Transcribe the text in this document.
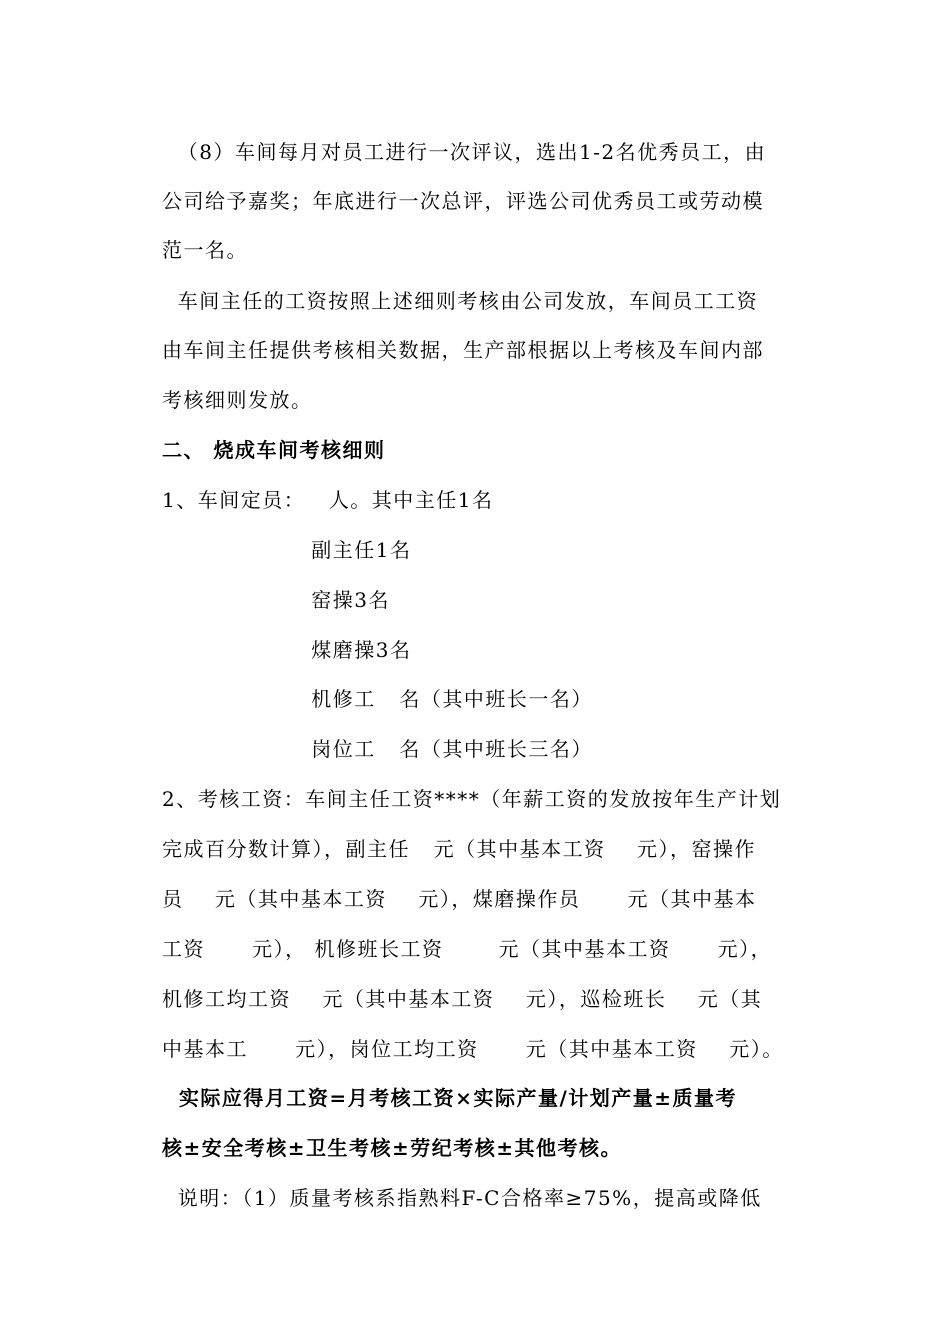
（8）车间每月对员工进行一次评议，选出1-2名优秀员工，由
公司给予嘉奖；年底进行一次总评，评选公司优秀员工或劳动模
范一名。
车间主任的工资按照上述细则考核由公司发放，车间员工工资
由车间主任提供考核相关数据，生产部根据以上考核及车间内部
考核细则发放。
二、 烧成车间考核细则
1、车间定员：   人。其中主任1名
副主任1名
窑操3名
煤磨操3名
机修工   名（其中班长一名）
岗位工   名（其中班长三名）
2、考核工资：车间主任工资****（年薪工资的发放按年生产计划
完成百分数计算），副主任   元（其中基本工资    元），窑操作
员    元（其中基本工资    元），煤磨操作员      元（其中基本
工资      元）， 机修班长工资       元（其中基本工资      元），
机修工均工资    元（其中基本工资    元），巡检班长    元（其
中基本工      元），岗位工均工资      元（其中基本工资    元）。
实际应得月工资=月考核工资×实际产量/计划产量±质量考
核±安全考核±卫生考核±劳纪考核±其他考核。
说明：（1）质量考核系指熟料F-C合格率≥75%，提高或降低
